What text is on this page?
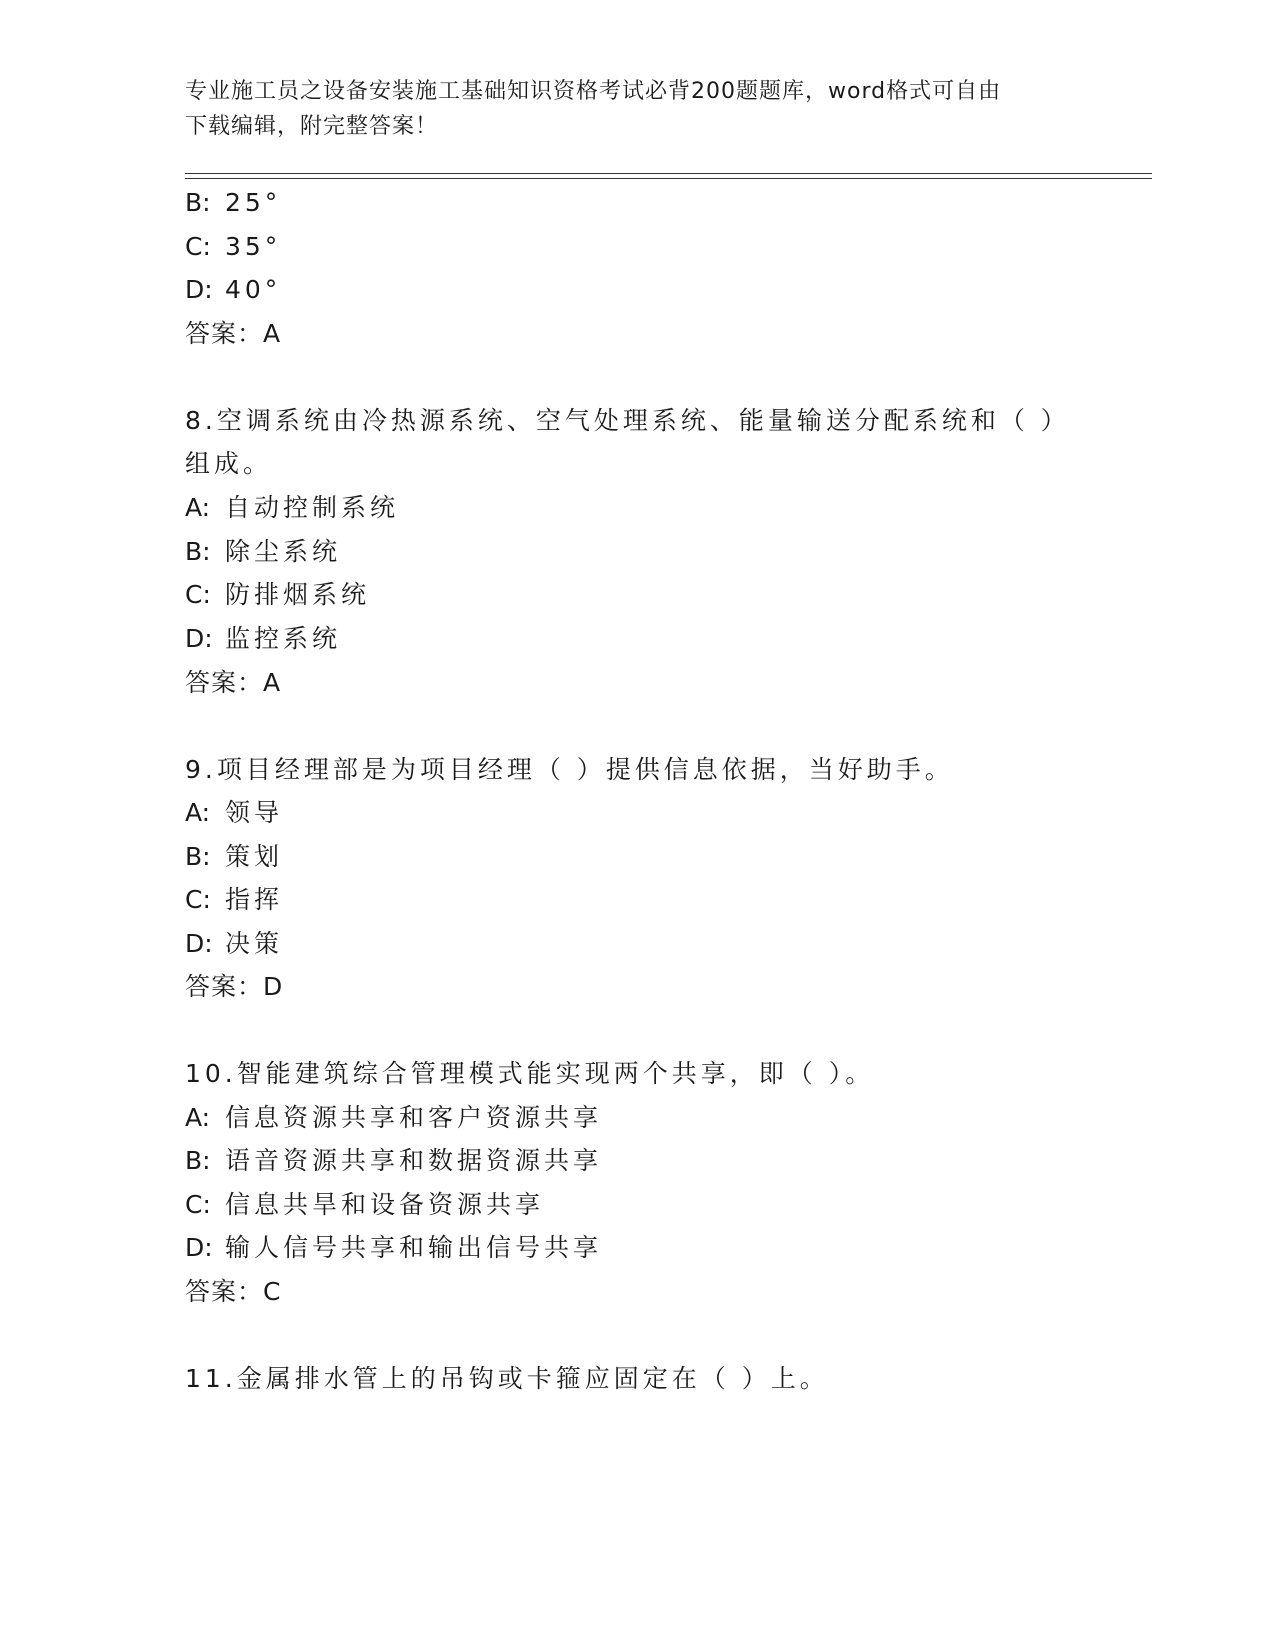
专业施工员之设备安装施工基础知识资格考试必背200题题库，word格式可自由
下载编辑，附完整答案！
B: 25°
C: 35°
D: 40°
答案：A
8.空调系统由冷热源系统、空气处理系统、能量输送分配系统和（ ）
组成。
A: 自动控制系统
B: 除尘系统
C: 防排烟系统
D: 监控系统
答案：A
9.项目经理部是为项目经理（ ）提供信息依据，当好助手。
A: 领导
B: 策划
C: 指挥
D: 决策
答案：D
10.智能建筑综合管理模式能实现两个共享，即（ ）。
A: 信息资源共享和客户资源共享
B: 语音资源共享和数据资源共享
C: 信息共旱和设备资源共享
D: 输人信号共享和输出信号共享
答案：C
11.金属排水管上的吊钩或卡箍应固定在（ ）上。
